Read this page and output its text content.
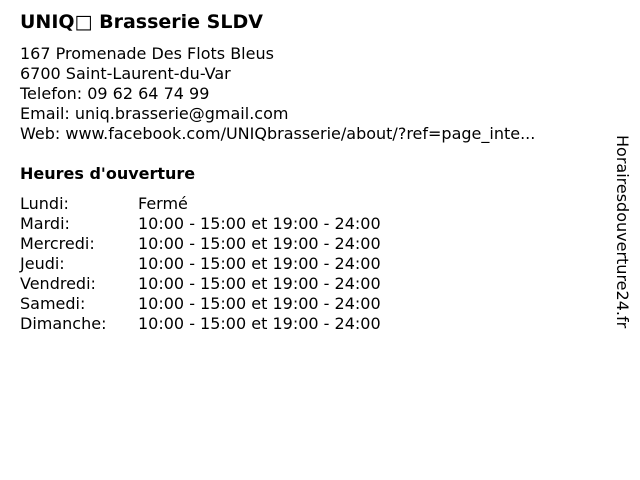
UNIQ□ Brasserie SLDV
167 Promenade Des Flots Bleus
6700 Saint-Laurent-du-Var
Telefon: 09 62 64 74 99
Email: uniq.brasserie@gmail.com
Web: www.facebook.com/UNIQbrasserie/about/?ref=page_inte...
Heures d'ouverture
Lundi:	Fermé
Mardi:	10:00 - 15:00 et 19:00 - 24:00
Mercredi:	10:00 - 15:00 et 19:00 - 24:00
Jeudi:	10:00 - 15:00 et 19:00 - 24:00
Vendredi:	10:00 - 15:00 et 19:00 - 24:00
Samedi:	10:00 - 15:00 et 19:00 - 24:00
Dimanche: 10:00 - 15:00 et 19:00 - 24:00	Horairesdouverture24.fr
